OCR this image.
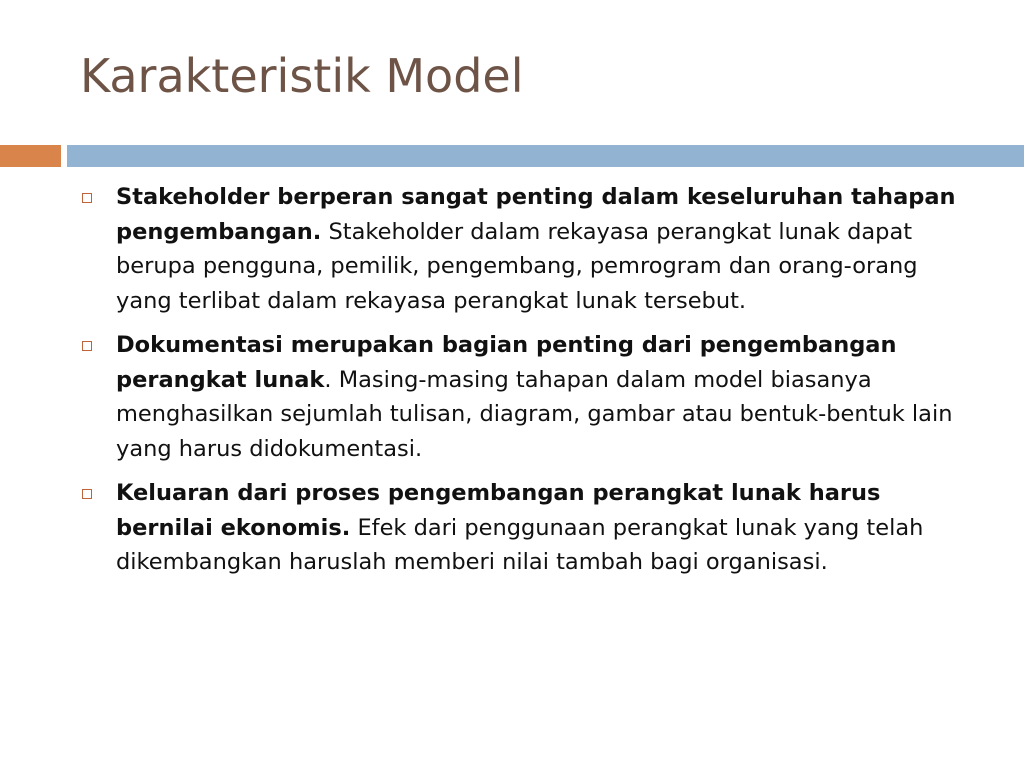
Karakteristik Model
Stakeholder berperan sangat penting dalam keseluruhan tahapan pengembangan. Stakeholder dalam rekayasa perangkat lunak dapat berupa pengguna, pemilik, pengembang, pemrogram dan orang-orang yang terlibat dalam rekayasa perangkat lunak tersebut.
Dokumentasi merupakan bagian penting dari pengembangan perangkat lunak. Masing-masing tahapan dalam model biasanya menghasilkan sejumlah tulisan, diagram, gambar atau bentuk-bentuk lain yang harus didokumentasi.
Keluaran dari proses pengembangan perangkat lunak harus bernilai ekonomis. Efek dari penggunaan perangkat lunak yang telah dikembangkan haruslah memberi nilai tambah bagi organisasi.
